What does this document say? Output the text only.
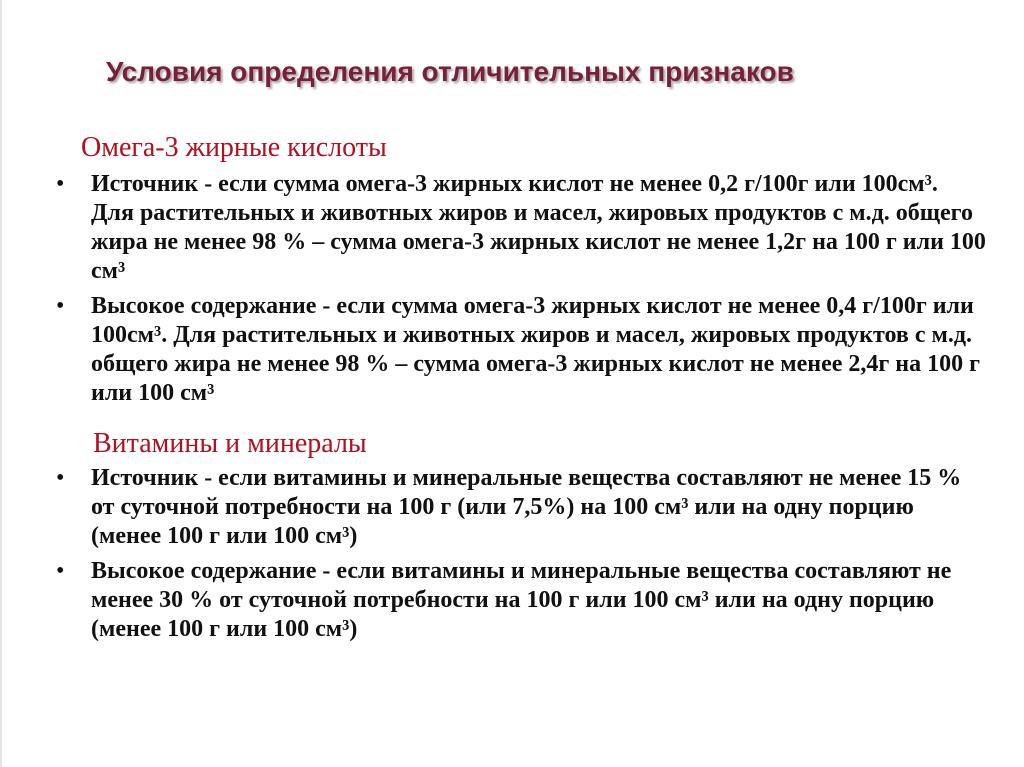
Условия определения отличительных признаков
Омега-3 жирные кислоты
• Источник - если сумма омега-3 жирных кислот не менее 0,2 г/100г или 100см³. Для растительных и животных жиров и масел, жировых продуктов с м.д. общего жира не менее 98 % – сумма омега-3 жирных кислот не менее 1,2г на 100 г или 100 см³
• Высокое содержание - если сумма омега-3 жирных кислот не менее 0,4 г/100г или 100см³. Для растительных и животных жиров и масел, жировых продуктов с м.д. общего жира не менее 98 % – сумма омега-3 жирных кислот не менее 2,4г на 100 г или 100 см³
Витамины и минералы
• Источник - если витамины и минеральные вещества составляют не менее 15 % от суточной потребности на 100 г (или 7,5%) на 100 см³ или на одну порцию (менее 100 г или 100 см³)
• Высокое содержание - если витамины и минеральные вещества составляют не менее 30 % от суточной потребности на 100 г или 100 см³ или на одну порцию (менее 100 г или 100 см³)
